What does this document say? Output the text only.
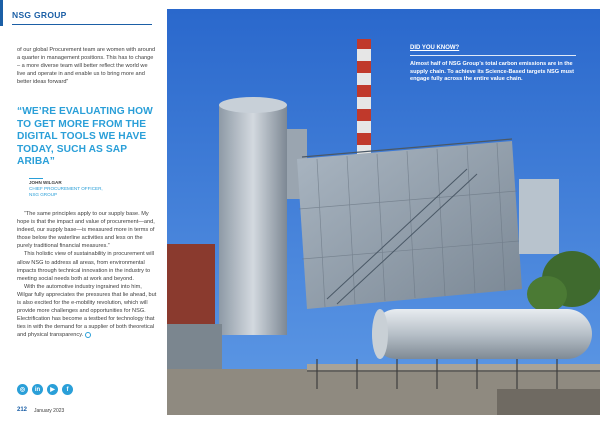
NSG GROUP

of our global Procurement team are women with around a quarter in management positions. This has to change – a more diverse team will better reflect the world we live and operate in and enable us to bring more and better ideas forward”

“WE’RE EVALUATING HOW TO GET MORE FROM THE DIGITAL TOOLS WE HAVE TODAY, SUCH AS SAP ARIBA”
JOHN WILGAR
CHIEF PROCUREMENT OFFICER,
NSG GROUP

“The same principles apply to our supply base. My hope is that the impact and value of procurement—and, indeed, our supply base—is measured more in terms of those below the waterline activities and less on the purely traditional financial measures.”

This holistic view of sustainability in procurement will allow NSG to address all areas, from environmental impacts through technical innovation in the industry to meeting social needs both at work and beyond.

With the automotive industry ingrained into him, Wilgar fully appreciates the pressures that lie ahead, but is also excited for the e-mobility revolution, which will provide more challenges and opportunities for NSG. Electrification has become a testbed for technology that ties in with the demand for a supplier of both theoretical and physical transparency.

◎	in	▶	f
212 January 2023
DID YOU KNOW?
Almost half of NSG Group’s total carbon emissions are in the supply chain. To achieve its Science-Based targets NSG must engage fully across the entire value chain.
